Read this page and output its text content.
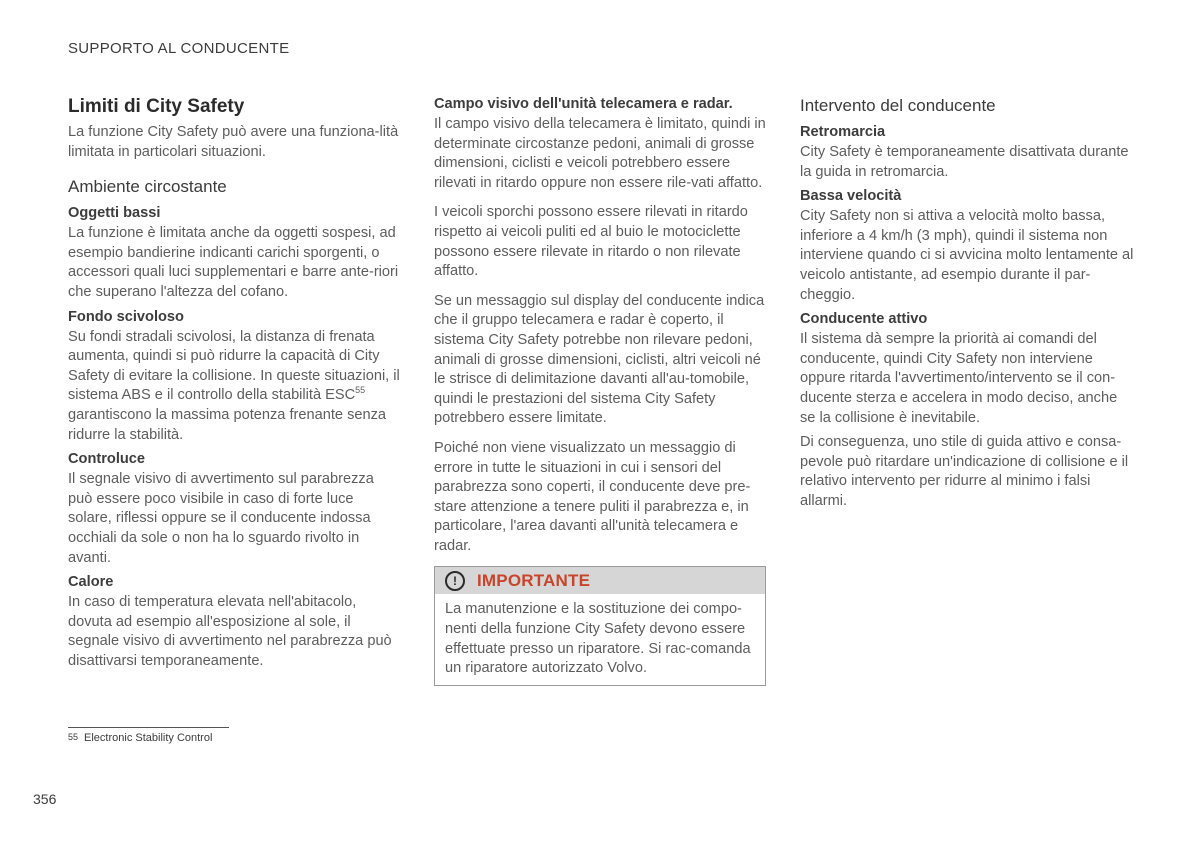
SUPPORTO AL CONDUCENTE
Limiti di City Safety

La funzione City Safety può avere una funziona-lità limitata in particolari situazioni.

Ambiente circostante
Oggetti bassi

La funzione è limitata anche da oggetti sospesi, ad esempio bandierine indicanti carichi sporgenti, o accessori quali luci supplementari e barre ante-riori che superano l'altezza del cofano.

Fondo scivoloso

Su fondi stradali scivolosi, la distanza di frenata aumenta, quindi si può ridurre la capacità di City Safety di evitare la collisione. In queste situazioni, il sistema ABS e il controllo della stabilità ESC$^{55}$ garantiscono la massima potenza frenante senza ridurre la stabilità.

Controluce

Il segnale visivo di avvertimento sul parabrezza può essere poco visibile in caso di forte luce solare, riflessi oppure se il conducente indossa occhiali da sole o non ha lo sguardo rivolto in avanti.

Calore

In caso di temperatura elevata nell'abitacolo, dovuta ad esempio all'esposizione al sole, il segnale visivo di avvertimento nel parabrezza può disattivarsi temporaneamente.

Campo visivo dell'unità telecamera e radar.

Il campo visivo della telecamera è limitato, quindi in determinate circostanze pedoni, animali di grosse dimensioni, ciclisti e veicoli potrebbero essere rilevati in ritardo oppure non essere rile-vati affatto.

I veicoli sporchi possono essere rilevati in ritardo rispetto ai veicoli puliti ed al buio le motociclette possono essere rilevate in ritardo o non rilevate affatto.

Se un messaggio sul display del conducente indica che il gruppo telecamera e radar è coperto, il sistema City Safety potrebbe non rilevare pedoni, animali di grosse dimensioni, ciclisti, altri veicoli né le strisce di delimitazione davanti all'au-tomobile, quindi le prestazioni del sistema City Safety potrebbero essere limitate.

Poiché non viene visualizzato un messaggio di errore in tutte le situazioni in cui i sensori del parabrezza sono coperti, il conducente deve pre-stare attenzione a tenere puliti il parabrezza e, in particolare, l'area davanti all'unità telecamera e radar.

!	IMPORTANTE

La manutenzione e la sostituzione dei compo-nenti della funzione City Safety devono essere effettuate presso un riparatore. Si rac-comanda un riparatore autorizzato Volvo.

Intervento del conducente
Retromarcia

City Safety è temporaneamente disattivata durante la guida in retromarcia.

Bassa velocità

City Safety non si attiva a velocità molto bassa, inferiore a 4 km/h (3 mph), quindi il sistema non interviene quando ci si avvicina molto lentamente al veicolo antistante, ad esempio durante il par-cheggio.

Conducente attivo

Il sistema dà sempre la priorità ai comandi del conducente, quindi City Safety non interviene oppure ritarda l'avvertimento/intervento se il con-ducente sterza e accelera in modo deciso, anche se la collisione è inevitabile.

Di conseguenza, uno stile di guida attivo e consa-pevole può ritardare un'indicazione di collisione e il relativo intervento per ridurre al minimo i falsi allarmi.

55 Electronic Stability Control
356
